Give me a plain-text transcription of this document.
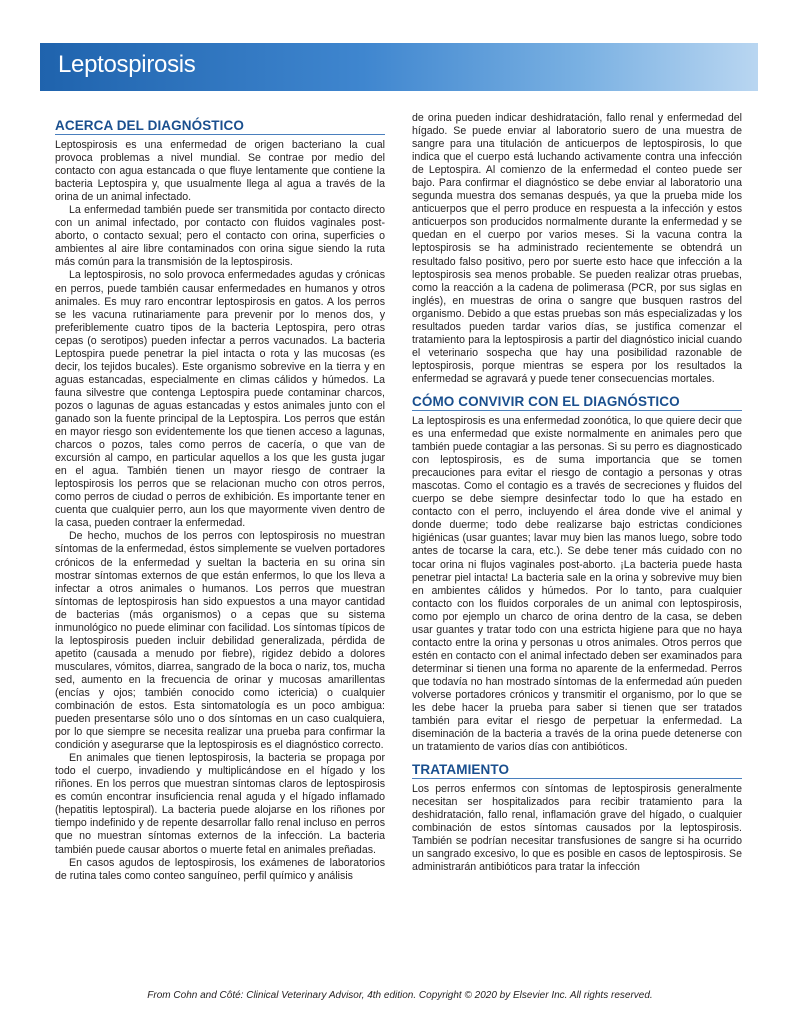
Leptospirosis
ACERCA DEL DIAGNÓSTICO

Leptospirosis es una enfermedad de origen bacteriano la cual provoca problemas a nivel mundial. Se contrae por medio del contacto con agua estancada o que fluye lentamente que contiene la bacteria Leptospira y, que usualmente llega al agua a través de la orina de un animal infectado.

La enfermedad también puede ser transmitida por contacto directo con un animal infectado, por contacto con fluidos vaginales post-aborto, o contacto sexual; pero el contacto con orina, superficies o ambientes al aire libre contaminados con orina sigue siendo la ruta más común para la transmisión de la leptospirosis.

La leptospirosis, no solo provoca enfermedades agudas y crónicas en perros, puede también causar enfermedades en humanos y otros animales. Es muy raro encontrar leptospirosis en gatos. A los perros se les vacuna rutinariamente para prevenir por lo menos dos, y preferiblemente cuatro tipos de la bacteria Leptospira, pero otras cepas (o serotipos) pueden infectar a perros vacunados. La bacteria Leptospira puede penetrar la piel intacta o rota y las mucosas (es decir, los tejidos bucales). Este organismo sobrevive en la tierra y en aguas estancadas, especialmente en climas cálidos y húmedos. La fauna silvestre que contenga Leptospira puede contaminar charcos, pozos o lagunas de aguas estancadas y estos animales junto con el ganado son la fuente principal de la Leptospira. Los perros que están en mayor riesgo son evidentemente los que tienen acceso a lagunas, charcos o pozos, tales como perros de cacería, o que van de excursión al campo, en particular aquellos a los que les gusta jugar en el agua. También tienen un mayor riesgo de contraer la leptospirosis los perros que se relacionan mucho con otros perros, como perros de ciudad o perros de exhibición. Es importante tener en cuenta que cualquier perro, aun los que mayormente viven dentro de la casa, pueden contraer la enfermedad.

De hecho, muchos de los perros con leptospirosis no muestran síntomas de la enfermedad, éstos simplemente se vuelven portadores crónicos de la enfermedad y sueltan la bacteria en su orina sin mostrar síntomas externos de que están enfermos, lo que los lleva a infectar a otros animales o humanos. Los perros que muestran síntomas de leptospirosis han sido expuestos a una mayor cantidad de bacterias (más organismos) o a cepas que su sistema inmunológico no puede eliminar con facilidad. Los síntomas típicos de la leptospirosis pueden incluir debilidad generalizada, pérdida de apetito (causada a menudo por fiebre), rigidez debido a dolores musculares, vómitos, diarrea, sangrado de la boca o nariz, tos, mucha sed, aumento en la frecuencia de orinar y mucosas amarillentas (encías y ojos; también conocido como ictericia) o cualquier combinación de estos. Esta sintomatología es un poco ambigua: pueden presentarse sólo uno o dos síntomas en un caso cualquiera, por lo que siempre se necesita realizar una prueba para confirmar la condición y asegurarse que la leptospirosis es el diagnóstico correcto.

En animales que tienen leptospirosis, la bacteria se propaga por todo el cuerpo, invadiendo y multiplicándose en el hígado y los riñones. En los perros que muestran síntomas claros de leptospirosis es común encontrar insuficiencia renal aguda y el hígado inflamado (hepatitis leptospiral). La bacteria puede alojarse en los riñones por tiempo indefinido y de repente desarrollar fallo renal incluso en perros que no muestran síntomas externos de la infección. La bacteria también puede causar abortos o muerte fetal en animales preñadas.

En casos agudos de leptospirosis, los exámenes de laboratorios de rutina tales como conteo sanguíneo, perfil químico y análisis

de orina pueden indicar deshidratación, fallo renal y enfermedad del hígado. Se puede enviar al laboratorio suero de una muestra de sangre para una titulación de anticuerpos de leptospirosis, lo que indica que el cuerpo está luchando activamente contra una infección de Leptospira. Al comienzo de la enfermedad el conteo puede ser bajo. Para confirmar el diagnóstico se debe enviar al laboratorio una segunda muestra dos semanas después, ya que la prueba mide los anticuerpos que el perro produce en respuesta a la infección y estos anticuerpos son producidos normalmente durante la enfermedad y se quedan en el cuerpo por varios meses. Si la vacuna contra la leptospirosis se ha administrado recientemente se obtendrá un resultado falso positivo, pero por suerte esto hace que infección a la leptospirosis sea menos probable. Se pueden realizar otras pruebas, como la reacción a la cadena de polimerasa (PCR, por sus siglas en inglés), en muestras de orina o sangre que busquen rastros del organismo. Debido a que estas pruebas son más especializadas y los resultados pueden tardar varios días, se justifica comenzar el tratamiento para la leptospirosis a partir del diagnóstico inicial cuando el veterinario sospecha que hay una posibilidad razonable de leptospirosis, porque mientras se espera por los resultados la enfermedad se agravará y puede tener consecuencias mortales.

CÓMO CONVIVIR CON EL DIAGNÓSTICO

La leptospirosis es una enfermedad zoonótica, lo que quiere decir que es una enfermedad que existe normalmente en animales pero que también puede contagiar a las personas. Si su perro es diagnosticado con leptospirosis, es de suma importancia que se tomen precauciones para evitar el riesgo de contagio a personas y otras mascotas. Como el contagio es a través de secreciones y fluidos del cuerpo se debe siempre desinfectar todo lo que ha estado en contacto con el perro, incluyendo el área donde vive el animal y donde duerme; todo debe realizarse bajo estrictas condiciones higiénicas (usar guantes; lavar muy bien las manos luego, sobre todo antes de tocarse la cara, etc.). Se debe tener más cuidado con no tocar orina ni flujos vaginales post-aborto. ¡La bacteria puede hasta penetrar piel intacta! La bacteria sale en la orina y sobrevive muy bien en ambientes cálidos y húmedos. Por lo tanto, para cualquier contacto con los fluidos corporales de un animal con leptospirosis, como por ejemplo un charco de orina dentro de la casa, se deben usar guantes y tratar todo con una estricta higiene para que no haya contacto entre la orina y personas u otros animales. Otros perros que estén en contacto con el animal infectado deben ser examinados para determinar si tienen una forma no aparente de la enfermedad. Perros que todavía no han mostrado síntomas de la enfermedad aún pueden volverse portadores crónicos y transmitir el organismo, por lo que se les debe hacer la prueba para saber si tienen que ser tratados también para evitar el riesgo de perpetuar la enfermedad. La diseminación de la bacteria a través de la orina puede detenerse con un tratamiento de varios días con antibióticos.

TRATAMIENTO

Los perros enfermos con síntomas de leptospirosis generalmente necesitan ser hospitalizados para recibir tratamiento para la deshidratación, fallo renal, inflamación grave del hígado, o cualquier combinación de estos síntomas causados por la leptospirosis. También se podrían necesitar transfusiones de sangre si ha ocurrido un sangrado excesivo, lo que es posible en casos de leptospirosis. Se administrarán antibióticos para tratar la infección

From Cohn and Côté: Clinical Veterinary Advisor, 4th edition. Copyright © 2020 by Elsevier Inc. All rights reserved.
